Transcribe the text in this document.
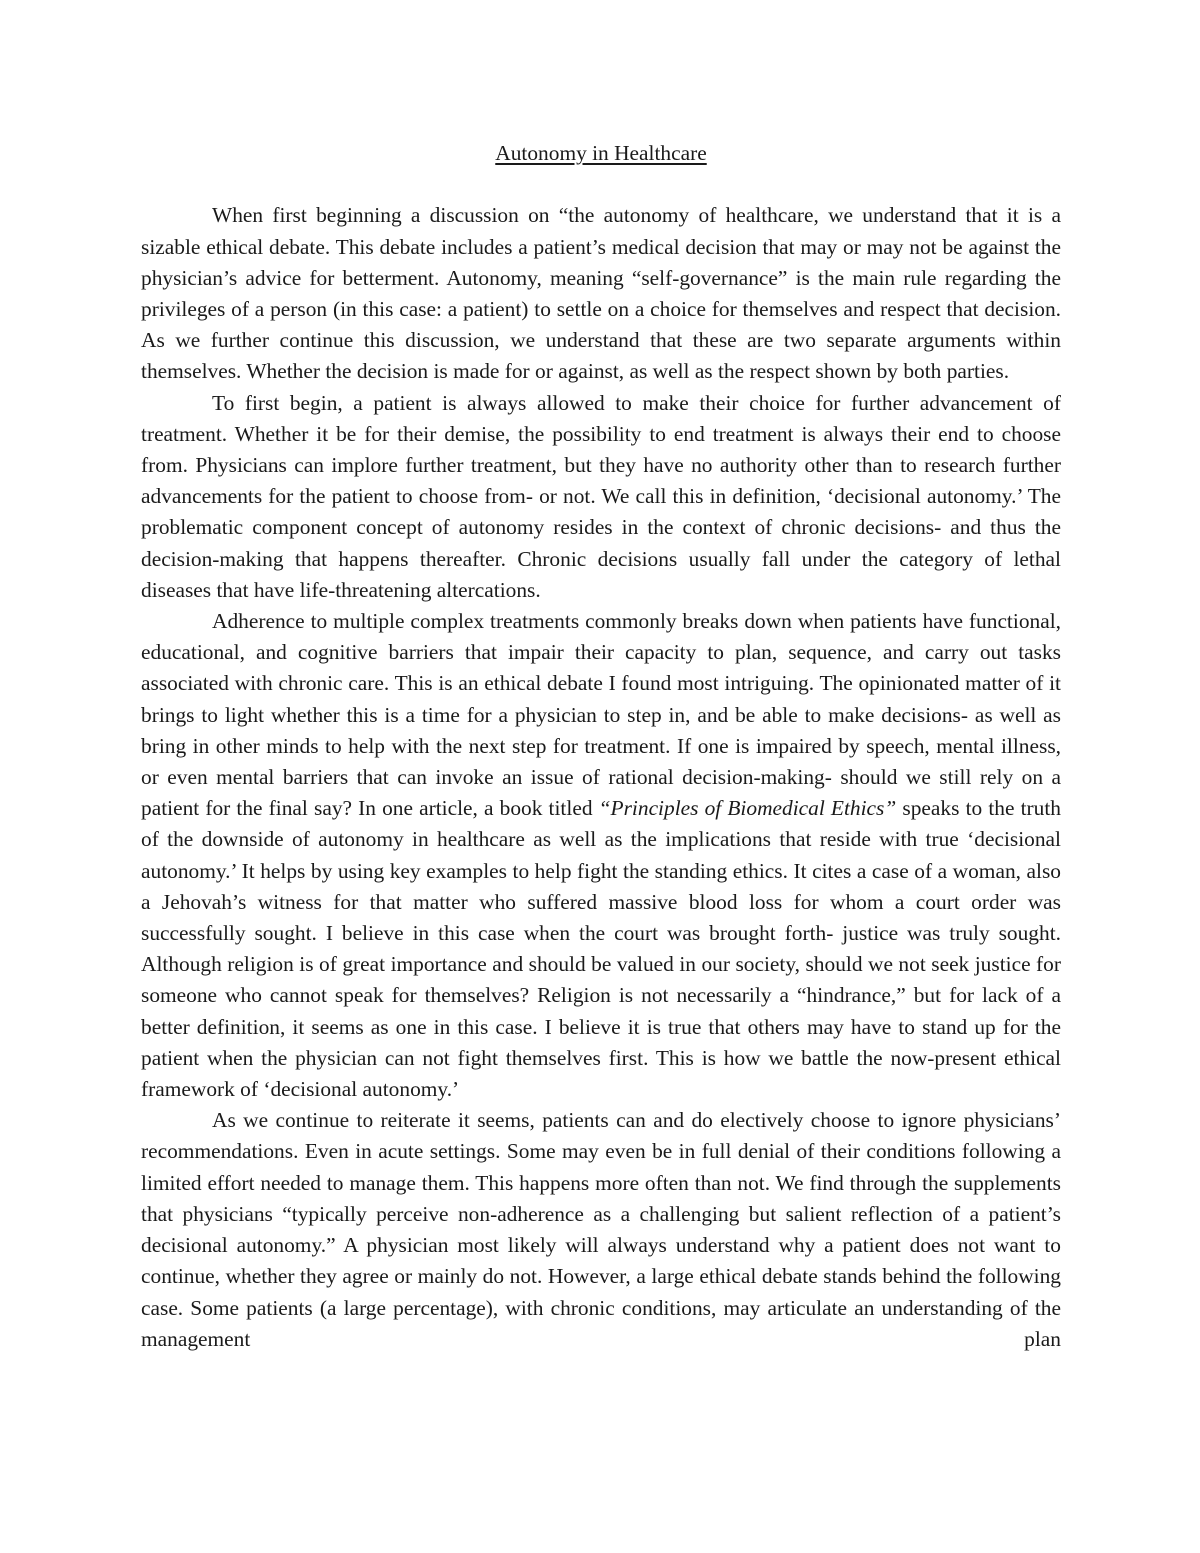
Autonomy in Healthcare

When first beginning a discussion on “the autonomy of healthcare, we understand that it is a sizable ethical debate. This debate includes a patient’s medical decision that may or may not be against the physician’s advice for betterment. Autonomy, meaning “self-governance” is the main rule regarding the privileges of a person (in this case: a patient) to settle on a choice for themselves and respect that decision. As we further continue this discussion, we understand that these are two separate arguments within themselves. Whether the decision is made for or against, as well as the respect shown by both parties.

To first begin, a patient is always allowed to make their choice for further advancement of treatment. Whether it be for their demise, the possibility to end treatment is always their end to choose from. Physicians can implore further treatment, but they have no authority other than to research further advancements for the patient to choose from- or not. We call this in definition, ‘decisional autonomy.’ The problematic component concept of autonomy resides in the context of chronic decisions- and thus the decision-making that happens thereafter. Chronic decisions usually fall under the category of lethal diseases that have life-threatening altercations.

Adherence to multiple complex treatments commonly breaks down when patients have functional, educational, and cognitive barriers that impair their capacity to plan, sequence, and carry out tasks associated with chronic care. This is an ethical debate I found most intriguing. The opinionated matter of it brings to light whether this is a time for a physician to step in, and be able to make decisions- as well as bring in other minds to help with the next step for treatment. If one is impaired by speech, mental illness, or even mental barriers that can invoke an issue of rational decision-making- should we still rely on a patient for the final say? In one article, a book titled “Principles of Biomedical Ethics” speaks to the truth of the downside of autonomy in healthcare as well as the implications that reside with true ‘decisional autonomy.’ It helps by using key examples to help fight the standing ethics. It cites a case of a woman, also a Jehovah’s witness for that matter who suffered massive blood loss for whom a court order was successfully sought. I believe in this case when the court was brought forth- justice was truly sought. Although religion is of great importance and should be valued in our society, should we not seek justice for someone who cannot speak for themselves? Religion is not necessarily a “hindrance,” but for lack of a better definition, it seems as one in this case. I believe it is true that others may have to stand up for the patient when the physician can not fight themselves first. This is how we battle the now-present ethical framework of ‘decisional autonomy.’

As we continue to reiterate it seems, patients can and do electively choose to ignore physicians’ recommendations. Even in acute settings. Some may even be in full denial of their conditions following a limited effort needed to manage them. This happens more often than not. We find through the supplements that physicians “typically perceive non-adherence as a challenging but salient reflection of a patient’s decisional autonomy.” A physician most likely will always understand why a patient does not want to continue, whether they agree or mainly do not. However, a large ethical debate stands behind the following case. Some patients (a large percentage), with chronic conditions, may articulate an understanding of the management plan
